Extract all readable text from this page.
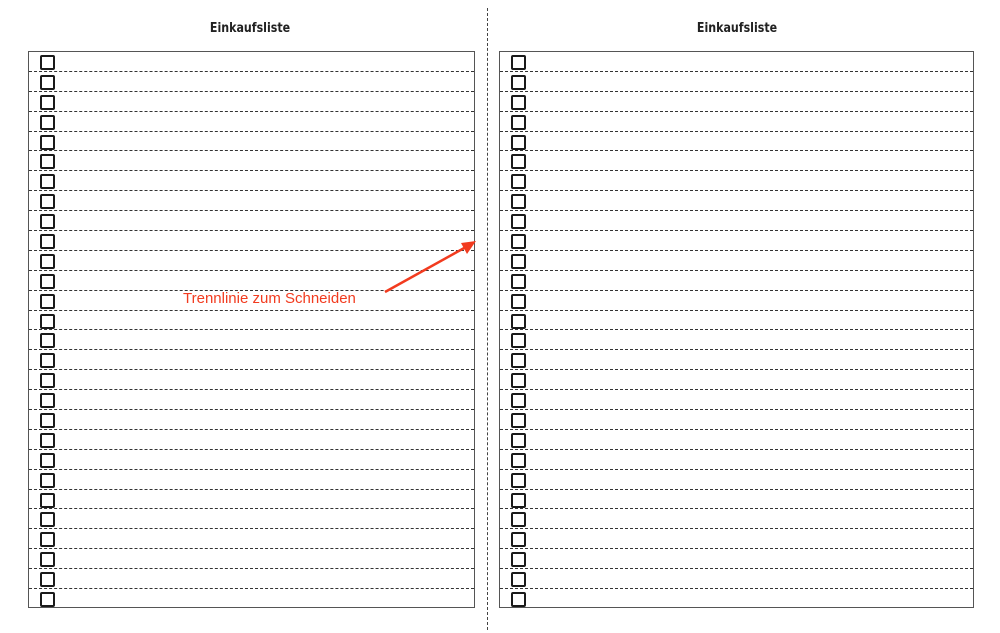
Einkaufsliste	Einkaufsliste
Trennlinie zum Schneiden
